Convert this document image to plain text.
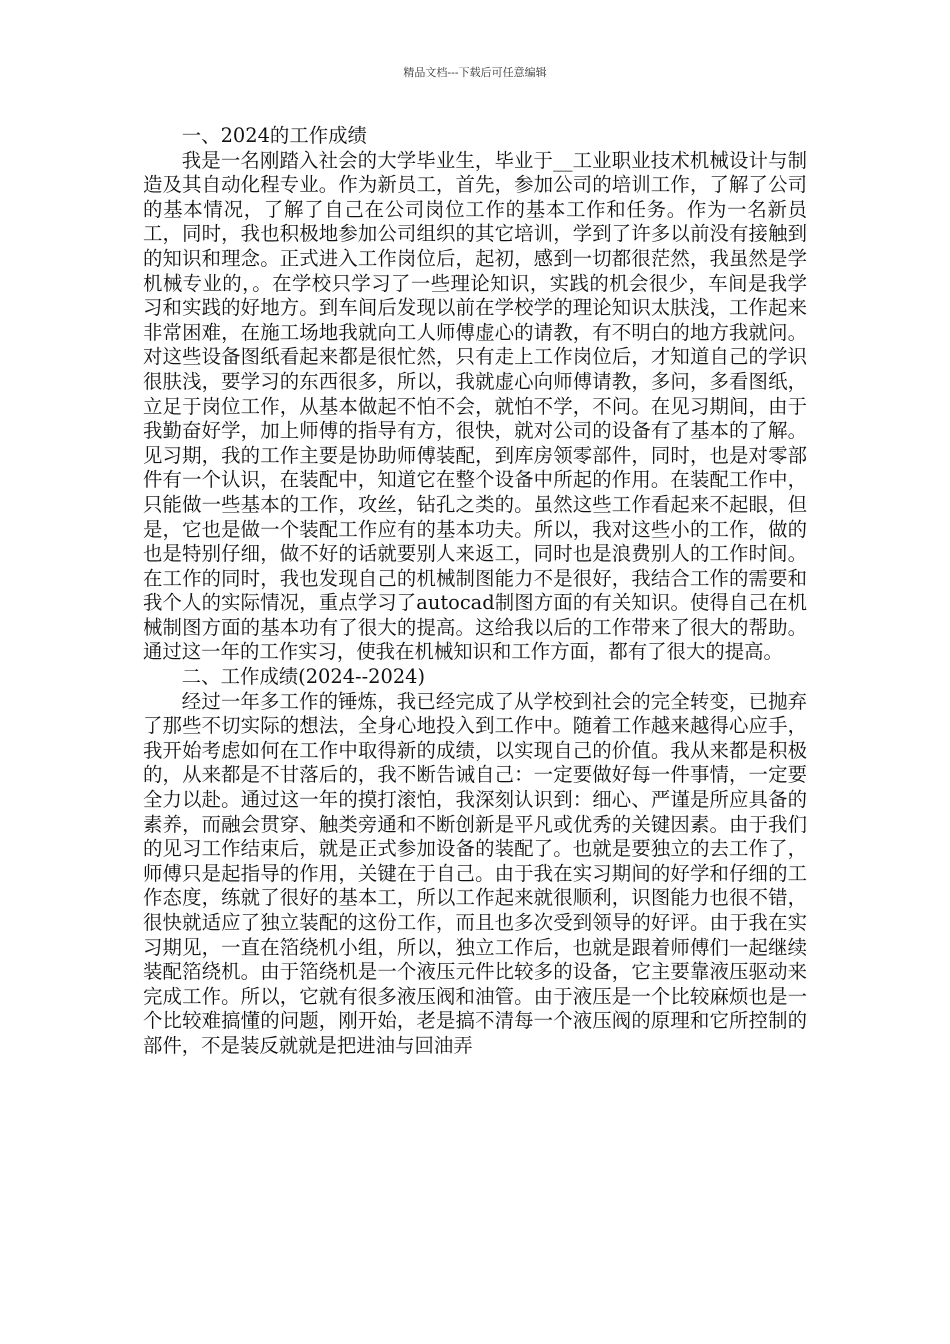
精品文档---下载后可任意编辑

一、2024的工作成绩

我是一名刚踏入社会的大学毕业生，毕业于__工业职业技术机械设计与制造及其自动化程专业。作为新员工，首先，参加公司的培训工作，了解了公司的基本情况，了解了自己在公司岗位工作的基本工作和任务。作为一名新员工，同时，我也积极地参加公司组织的其它培训，学到了许多以前没有接触到的知识和理念。正式进入工作岗位后，起初，感到一切都很茫然，我虽然是学机械专业的，。在学校只学习了一些理论知识，实践的机会很少，车间是我学习和实践的好地方。到车间后发现以前在学校学的理论知识太肤浅，工作起来非常困难，在施工场地我就向工人师傅虚心的请教，有不明白的地方我就问。对这些设备图纸看起来都是很忙然，只有走上工作岗位后，才知道自己的学识很肤浅，要学习的东西很多，所以，我就虚心向师傅请教，多问，多看图纸，立足于岗位工作，从基本做起不怕不会，就怕不学，不问。在见习期间，由于我勤奋好学，加上师傅的指导有方，很快，就对公司的设备有了基本的了解。见习期，我的工作主要是协助师傅装配，到库房领零部件，同时，也是对零部件有一个认识，在装配中，知道它在整个设备中所起的作用。在装配工作中，只能做一些基本的工作，攻丝，钻孔之类的。虽然这些工作看起来不起眼，但是，它也是做一个装配工作应有的基本功夫。所以，我对这些小的工作，做的也是特别仔细，做不好的话就要别人来返工，同时也是浪费别人的工作时间。在工作的同时，我也发现自己的机械制图能力不是很好，我结合工作的需要和我个人的实际情况，重点学习了autocad制图方面的有关知识。使得自己在机械制图方面的基本功有了很大的提高。这给我以后的工作带来了很大的帮助。通过这一年的工作实习，使我在机械知识和工作方面，都有了很大的提高。

二、工作成绩(2024--2024)

经过一年多工作的锤炼，我已经完成了从学校到社会的完全转变，已抛弃了那些不切实际的想法，全身心地投入到工作中。随着工作越来越得心应手，我开始考虑如何在工作中取得新的成绩，以实现自己的价值。我从来都是积极的，从来都是不甘落后的，我不断告诫自己：一定要做好每一件事情，一定要全力以赴。通过这一年的摸打滚怕，我深刻认识到：细心、严谨是所应具备的素养，而融会贯穿、触类旁通和不断创新是平凡或优秀的关键因素。由于我们的见习工作结束后，就是正式参加设备的装配了。也就是要独立的去工作了，师傅只是起指导的作用，关键在于自己。由于我在实习期间的好学和仔细的工作态度，练就了很好的基本工，所以工作起来就很顺利，识图能力也很不错，很快就适应了独立装配的这份工作，而且也多次受到领导的好评。由于我在实习期见，一直在箔绕机小组，所以，独立工作后，也就是跟着师傅们一起继续装配箔绕机。由于箔绕机是一个液压元件比较多的设备，它主要靠液压驱动来完成工作。所以，它就有很多液压阀和油管。由于液压是一个比较麻烦也是一个比较难搞懂的问题，刚开始，老是搞不清每一个液压阀的原理和它所控制的部件，不是装反就就是把进油与回油弄
